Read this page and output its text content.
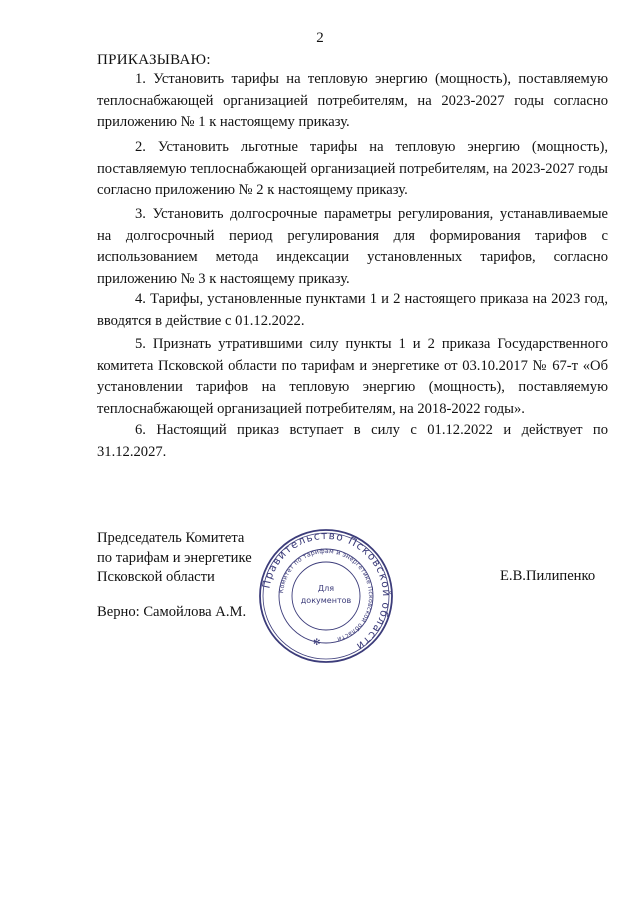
2
ПРИКАЗЫВАЮ:
1. Установить тарифы на тепловую энергию (мощность), поставляемую теплоснабжающей организацией потребителям, на 2023-2027 годы согласно приложению № 1 к настоящему приказу.
2. Установить льготные тарифы на тепловую энергию (мощность), поставляемую теплоснабжающей организацией потребителям, на 2023-2027 годы согласно приложению № 2 к настоящему приказу.
3. Установить долгосрочные параметры регулирования, устанавливаемые на долгосрочный период регулирования для формирования тарифов с использованием метода индексации установленных тарифов, согласно приложению № 3 к настоящему приказу.
4. Тарифы, установленные пунктами 1 и 2 настоящего приказа на 2023 год, вводятся в действие с 01.12.2022.
5. Признать утратившими силу пункты 1 и 2 приказа Государственного комитета Псковской области по тарифам и энергетике от 03.10.2017 № 67-т «Об установлении тарифов на тепловую энергию (мощность), поставляемую теплоснабжающей организацией потребителям, на 2018-2022 годы».
6. Настоящий приказ вступает в силу с 01.12.2022 и действует по 31.12.2027.
Председатель Комитета
по тарифам и энергетике
Псковской области	Е.В.Пилипенко
Верно: Самойлова А.М.
Правительство Псковской области
Комитет по тарифам и энергетике Псковской области
Для
документов
✻
